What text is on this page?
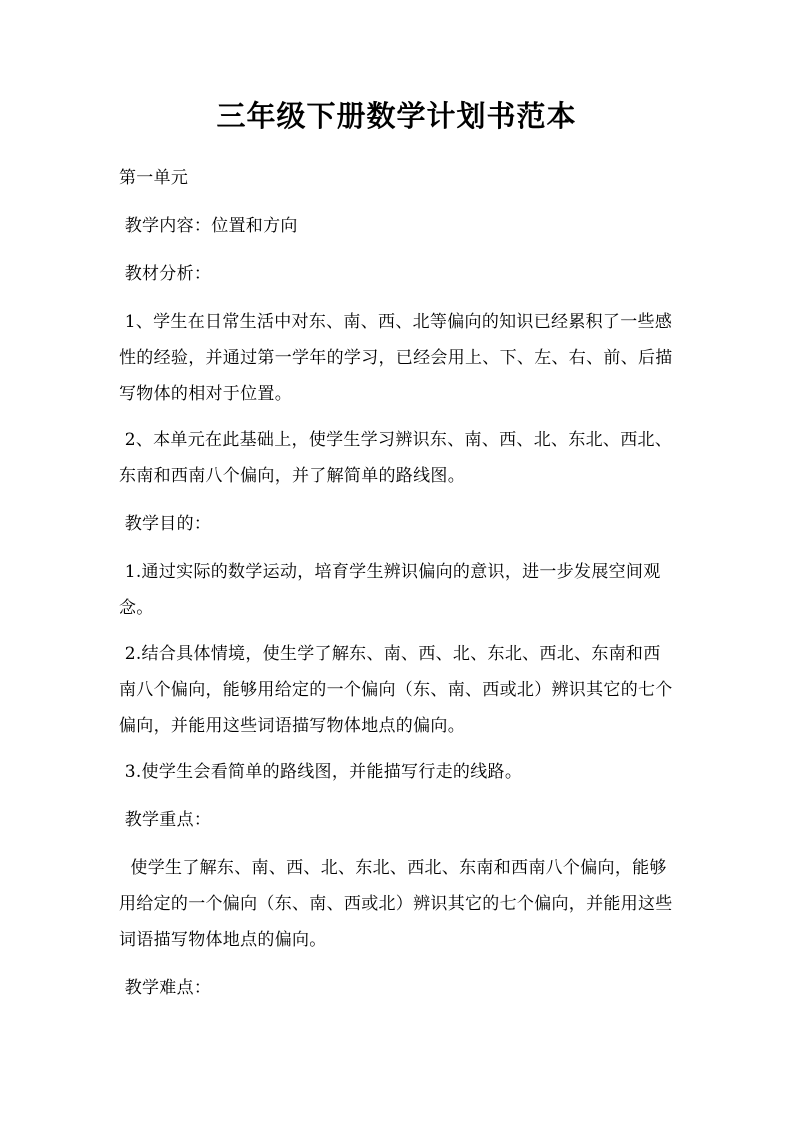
三年级下册数学计划书范本

第一单元

教学内容：位置和方向

教材分析：

1、学生在日常生活中对东、南、西、北等偏向的知识已经累积了一些感性的经验，并通过第一学年的学习，已经会用上、下、左、右、前、后描写物体的相对于位置。

2、本单元在此基础上，使学生学习辨识东、南、西、北、东北、西北、东南和西南八个偏向，并了解简单的路线图。

教学目的：

1.通过实际的数学运动，培育学生辨识偏向的意识，进一步发展空间观念。

2.结合具体情境，使生学了解东、南、西、北、东北、西北、东南和西南八个偏向，能够用给定的一个偏向（东、南、西或北）辨识其它的七个偏向，并能用这些词语描写物体地点的偏向。

3.使学生会看简单的路线图，并能描写行走的线路。

教学重点：

使学生了解东、南、西、北、东北、西北、东南和西南八个偏向，能够用给定的一个偏向（东、南、西或北）辨识其它的七个偏向，并能用这些词语描写物体地点的偏向。

教学难点：
